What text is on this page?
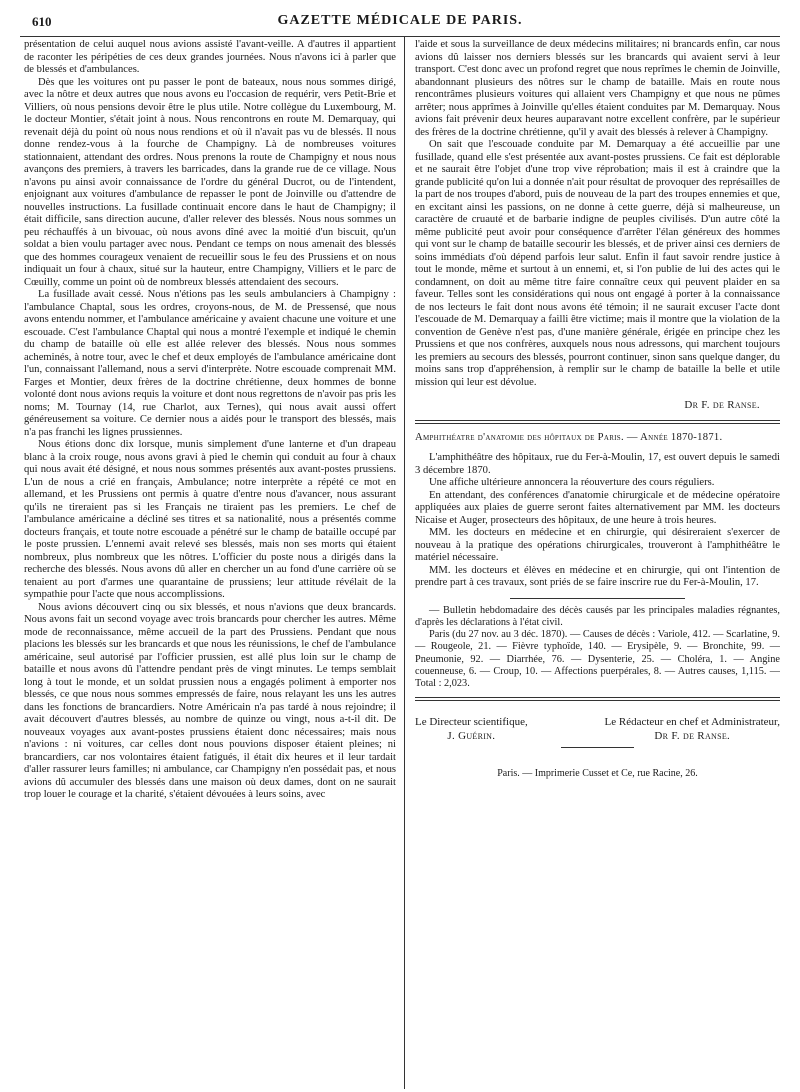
610	GAZETTE MÉDICALE DE PARIS.

présentation de celui auquel nous avions assisté l'avant-veille. A d'autres il appartient de raconter les péripéties de ces deux grandes journées. Nous n'avons ici à parler que de blessés et d'ambulances.

Dès que les voitures ont pu passer le pont de bateaux, nous nous sommes dirigé, avec la nôtre et deux autres que nous avons eu l'occasion de requérir, vers Petit-Brie et Villiers, où nous pensions devoir être le plus utile. Notre collègue du Luxembourg, M. le docteur Montier, s'était joint à nous. Nous rencontrons en route M. Demarquay, qui revenait déjà du point où nous nous rendions et où il n'avait pas vu de blessés. Il nous donne rendez-vous à la fourche de Champigny. Là de nombreuses voitures stationnaient, attendant des ordres. Nous prenons la route de Champigny et nous nous avançons des premiers, à travers les barricades, dans la grande rue de ce village. Nous n'avons pu ainsi avoir connaissance de l'ordre du général Ducrot, ou de l'intendent, enjoignant aux voitures d'ambulance de repasser le pont de Joinville ou d'attendre de nouvelles instructions. La fusillade continuait encore dans le haut de Champigny; il était difficile, sans direction aucune, d'aller relever des blessés. Nous nous sommes un peu réchauffés à un bivouac, où nous avons dîné avec la moitié d'un biscuit, qu'un soldat a bien voulu partager avec nous. Pendant ce temps on nous amenait des blessés que des hommes courageux venaient de recueillir sous le feu des Prussiens et on nous indiquait un four à chaux, situé sur la hauteur, entre Champigny, Villiers et le parc de Cœuilly, comme un point où de nombreux blessés attendaient des secours.

La fusillade avait cessé. Nous n'étions pas les seuls ambulanciers à Champigny : l'ambulance Chaptal, sous les ordres, croyons-nous, de M. de Pressensé, que nous avons entendu nommer, et l'ambulance américaine y avaient chacune une voiture et une escouade. C'est l'ambulance Chaptal qui nous a montré l'exemple et indiqué le chemin du champ de bataille où elle est allée relever des blessés. Nous nous sommes acheminés, à notre tour, avec le chef et deux employés de l'ambulance américaine dont l'un, connaissant l'allemand, nous a servi d'interprète. Notre escouade comprenait MM. Farges et Montier, deux frères de la doctrine chrétienne, deux hommes de bonne volonté dont nous avions requis la voiture et dont nous regrettons de n'avoir pas pris les noms; M. Tournay (14, rue Charlot, aux Ternes), qui nous avait aussi offert généreusement sa voiture. Ce dernier nous a aidés pour le transport des blessés, mais n'a pas franchi les lignes prussiennes.

Nous étions donc dix lorsque, munis simplement d'une lanterne et d'un drapeau blanc à la croix rouge, nous avons gravi à pied le chemin qui conduit au four à chaux qui nous avait été désigné, et nous nous sommes présentés aux avant-postes prussiens. L'un de nous a crié en français, Ambulance; notre interprète a répété ce mot en allemand, et les Prussiens ont permis à quatre d'entre nous d'avancer, nous assurant qu'ils ne tireraient pas si les Français ne tiraient pas les premiers. Le chef de l'ambulance américaine a décliné ses titres et sa nationalité, nous a présentés comme docteurs français, et toute notre escouade a pénétré sur le champ de bataille occupé par le poste prussien. L'ennemi avait relevé ses blessés, mais non ses morts qui étaient nombreux, plus nombreux que les nôtres. L'officier du poste nous a dirigés dans la recherche des blessés. Nous avons dû aller en chercher un au fond d'une carrière où se tenaient au port d'armes une quarantaine de prussiens; leur attitude révélait de la sympathie pour l'acte que nous accomplissions.

Nous avions découvert cinq ou six blessés, et nous n'avions que deux brancards. Nous avons fait un second voyage avec trois brancards pour chercher les autres. Même mode de reconnaissance, même accueil de la part des Prussiens. Pendant que nous placions les blessés sur les brancards et que nous les réunissions, le chef de l'ambulance américaine, seul autorisé par l'officier prussien, est allé plus loin sur le champ de bataille et nous avons dû l'attendre pendant près de vingt minutes. Le temps semblait long à tout le monde, et un soldat prussien nous a engagés poliment à emporter nos blessés, ce que nous nous sommes empressés de faire, nous relayant les uns les autres dans les fonctions de brancardiers. Notre Américain n'a pas tardé à nous rejoindre; il avait découvert d'autres blessés, au nombre de quinze ou vingt, nous a-t-il dit. De nouveaux voyages aux avant-postes prussiens étaient donc nécessaires; mais nous n'avions : ni voitures, car celles dont nous pouvions disposer étaient pleines; ni brancardiers, car nos volontaires étaient fatigués, il était dix heures et il leur tardait d'aller rassurer leurs familles; ni ambulance, car Champigny n'en possédait pas, et nous avions dû accumuler des blessés dans une maison où deux dames, dont on ne saurait trop louer le courage et la charité, s'étaient dévouées à leurs soins, avec

l'aide et sous la surveillance de deux médecins militaires; ni brancards enfin, car nous avions dû laisser nos derniers blessés sur les brancards qui avaient servi à leur transport. C'est donc avec un profond regret que nous reprîmes le chemin de Joinville, abandonnant plusieurs des nôtres sur le champ de bataille. Mais en route nous rencontrâmes plusieurs voitures qui allaient vers Champigny et que nous ne pûmes arrêter; nous apprîmes à Joinville qu'elles étaient conduites par M. Demarquay. Nous avions fait prévenir deux heures auparavant notre excellent confrère, par le supérieur des frères de la doctrine chrétienne, qu'il y avait des blessés à relever à Champigny.

On sait que l'escouade conduite par M. Demarquay a été accueillie par une fusillade, quand elle s'est présentée aux avant-postes prussiens. Ce fait est déplorable et ne saurait être l'objet d'une trop vive réprobation; mais il est à craindre que la grande publicité qu'on lui a donnée n'ait pour résultat de provoquer des représailles de la part de nos troupes d'abord, puis de nouveau de la part des troupes ennemies et que, en excitant ainsi les passions, on ne donne à cette guerre, déjà si malheureuse, un caractère de cruauté et de barbarie indigne de peuples civilisés. D'un autre côté la même publicité peut avoir pour conséquence d'arrêter l'élan généreux des hommes qui vont sur le champ de bataille secourir les blessés, et de priver ainsi ces derniers de soins immédiats d'où dépend parfois leur salut. Enfin il faut savoir rendre justice à tout le monde, même et surtout à un ennemi, et, si l'on publie de lui des actes qui le condamnent, on doit au même titre faire connaître ceux qui peuvent plaider en sa faveur. Telles sont les considérations qui nous ont engagé à porter à la connaissance de nos lecteurs le fait dont nous avons été témoin; il ne saurait excuser l'acte dont l'escouade de M. Demarquay a failli être victime; mais il montre que la violation de la convention de Genève n'est pas, d'une manière générale, érigée en principe chez les Prussiens et que nos confrères, auxquels nous nous adressons, qui marchent toujours les premiers au secours des blessés, pourront continuer, sinon sans quelque danger, du moins sans trop d'appréhension, à remplir sur le champ de bataille la belle et utile mission qui leur est dévolue.

Dr F. de Ranse.

Amphithéatre d'anatomie des hôpitaux de Paris. — Année 1870-1871.

L'amphithéâtre des hôpitaux, rue du Fer-à-Moulin, 17, est ouvert depuis le samedi 3 décembre 1870.

Une affiche ultérieure annoncera la réouverture des cours réguliers.

En attendant, des conférences d'anatomie chirurgicale et de médecine opératoire appliquées aux plaies de guerre seront faites alternativement par MM. les docteurs Nicaise et Auger, prosecteurs des hôpitaux, de une heure à trois heures.

MM. les docteurs en médecine et en chirurgie, qui désireraient s'exercer de nouveau à la pratique des opérations chirurgicales, trouveront à l'amphithéâtre le matériel nécessaire.

MM. les docteurs et élèves en médecine et en chirurgie, qui ont l'intention de prendre part à ces travaux, sont priés de se faire inscrire rue du Fer-à-Moulin, 17.

— Bulletin hebdomadaire des décès causés par les principales maladies régnantes, d'après les déclarations à l'état civil.

Paris (du 27 nov. au 3 déc. 1870). — Causes de décès : Variole, 412. — Scarlatine, 9. — Rougeole, 21. — Fièvre typhoïde, 140. — Erysipèle, 9. — Bronchite, 99. — Pneumonie, 92. — Diarrhée, 76. — Dysenterie, 25. — Choléra, 1. — Angine couenneuse, 6. — Croup, 10. — Affections puerpérales, 8. — Autres causes, 1,115. — Total : 2,023.

Le Directeur scientifique,
J. Guérin.
Le Rédacteur en chef et Administrateur,
Dr F. de Ranse.
Paris. — Imprimerie Cusset et Ce, rue Racine, 26.
